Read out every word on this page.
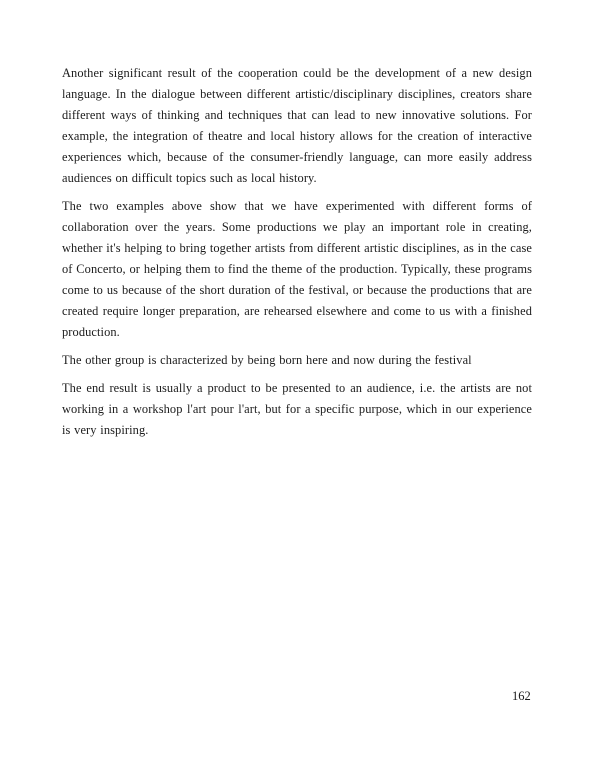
Another significant result of the cooperation could be the development of a new design language. In the dialogue between different artistic/disciplinary disciplines, creators share different ways of thinking and techniques that can lead to new innovative solutions. For example, the integration of theatre and local history allows for the creation of interactive experiences which, because of the consumer-friendly language, can more easily address audiences on difficult topics such as local history.

The two examples above show that we have experimented with different forms of collaboration over the years. Some productions we play an important role in creating, whether it's helping to bring together artists from different artistic disciplines, as in the case of Concerto, or helping them to find the theme of the production. Typically, these programs come to us because of the short duration of the festival, or because the productions that are created require longer preparation, are rehearsed elsewhere and come to us with a finished production.

The other group is characterized by being born here and now during the festival

The end result is usually a product to be presented to an audience, i.e. the artists are not working in a workshop l'art pour l'art, but for a specific purpose, which in our experience is very inspiring.

162
